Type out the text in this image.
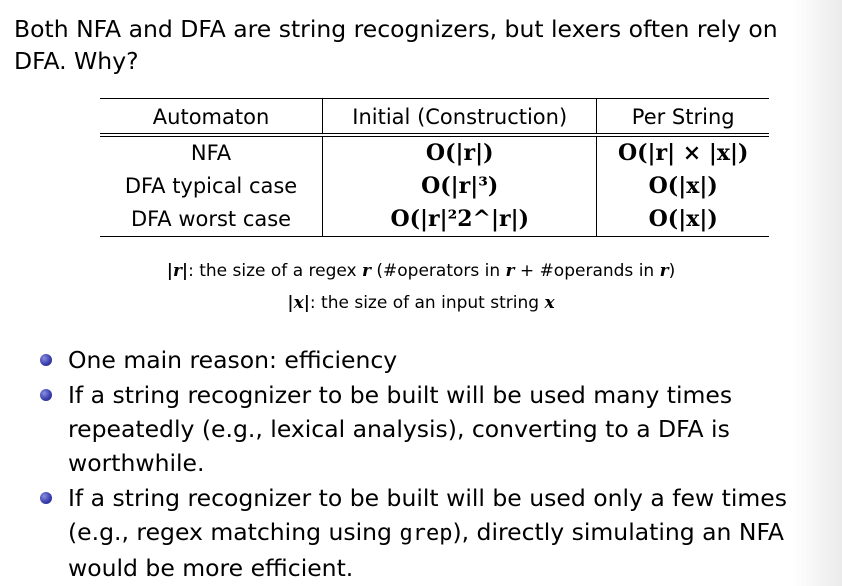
Both NFA and DFA are string recognizers, but lexers often rely on DFA. Why?

Automaton	Initial (Construction)	Per String
NFA	O(|r|)	O(|r| × |x|)
DFA typical case	O(|r|³)	O(|x|)
DFA worst case	O(|r|²2^|r|)	O(|x|)
|r|: the size of a regex r (#operators in r + #operands in r)
|x|: the size of an input string x
One main reason: efficiency
If a string recognizer to be built will be used many times repeatedly (e.g., lexical analysis), converting to a DFA is worthwhile.
If a string recognizer to be built will be used only a few times (e.g., regex matching using grep), directly simulating an NFA would be more efficient.
